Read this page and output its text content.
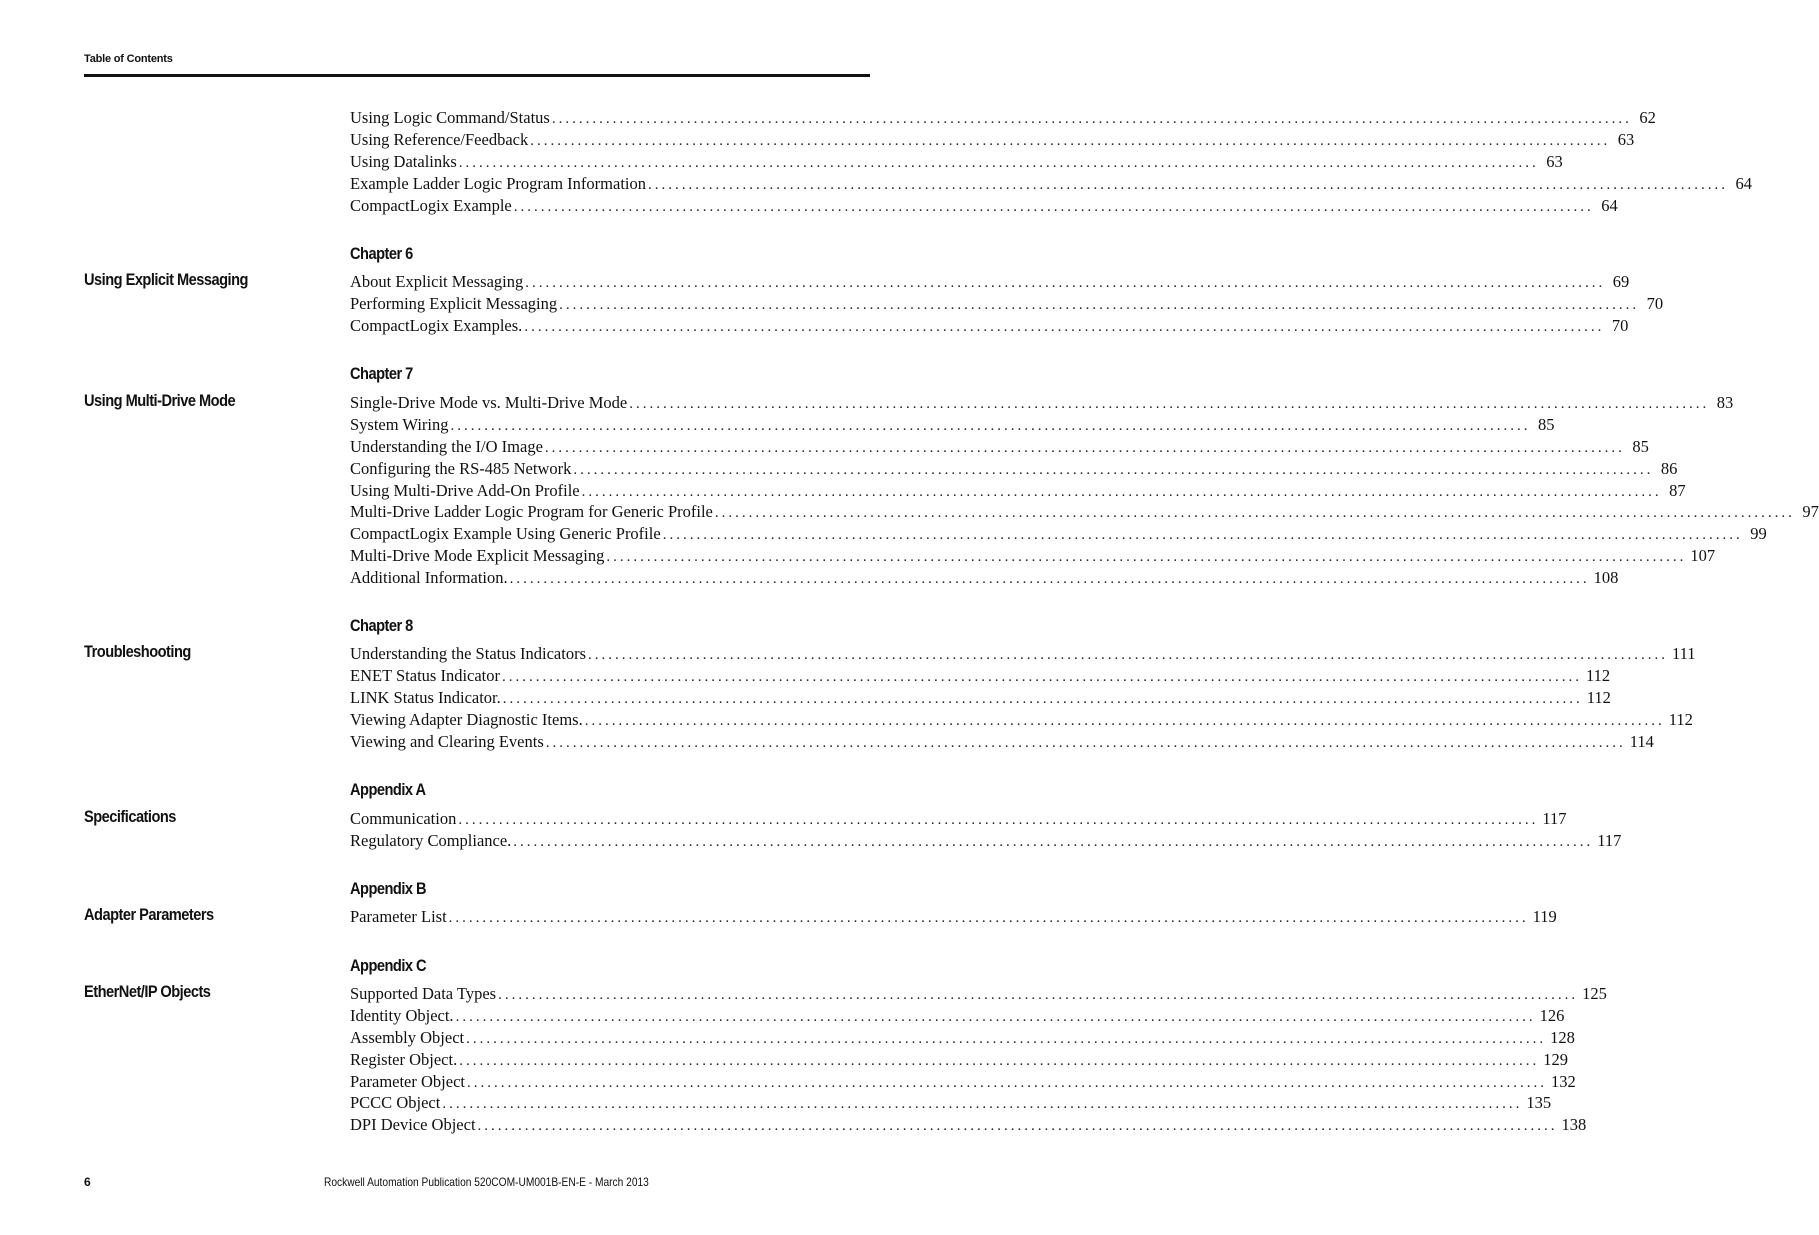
Table of Contents
Using Logic Command/Status ................................................................................................................................................................ 62
Using Reference/Feedback ................................................................................................................................................................ 63
Using Datalinks ................................................................................................................................................................ 63
Example Ladder Logic Program Information ................................................................................................................................................................ 64
CompactLogix Example ................................................................................................................................................................ 64
Chapter 6
Using Explicit Messaging	About Explicit Messaging ................................................................................................................................................................ 69
Performing Explicit Messaging ................................................................................................................................................................ 70
CompactLogix Examples. ................................................................................................................................................................ 70
Chapter 7
Using Multi-Drive Mode	Single-Drive Mode vs. Multi-Drive Mode ................................................................................................................................................................ 83
System Wiring ................................................................................................................................................................ 85
Understanding the I/O Image ................................................................................................................................................................ 85
Configuring the RS-485 Network ................................................................................................................................................................ 86
Using Multi-Drive Add-On Profile ................................................................................................................................................................ 87
Multi-Drive Ladder Logic Program for Generic Profile ................................................................................................................................................................ 97
CompactLogix Example Using Generic Profile ................................................................................................................................................................ 99
Multi-Drive Mode Explicit Messaging ................................................................................................................................................................ 107
Additional Information. ................................................................................................................................................................ 108
Chapter 8
Troubleshooting	Understanding the Status Indicators ................................................................................................................................................................ 111
ENET Status Indicator ................................................................................................................................................................ 112
LINK Status Indicator. ................................................................................................................................................................ 112
Viewing Adapter Diagnostic Items. ................................................................................................................................................................ 112
Viewing and Clearing Events ................................................................................................................................................................ 114
Appendix A
Specifications	Communication ................................................................................................................................................................ 117
Regulatory Compliance. ................................................................................................................................................................ 117
Appendix B
Adapter Parameters	Parameter List ................................................................................................................................................................ 119
Appendix C
EtherNet/IP Objects	Supported Data Types ................................................................................................................................................................ 125
Identity Object. ................................................................................................................................................................ 126
Assembly Object ................................................................................................................................................................ 128
Register Object. ................................................................................................................................................................ 129
Parameter Object ................................................................................................................................................................ 132
PCCC Object ................................................................................................................................................................ 135
DPI Device Object ................................................................................................................................................................ 138
6	Rockwell Automation Publication 520COM-UM001B-EN-E - March 2013
